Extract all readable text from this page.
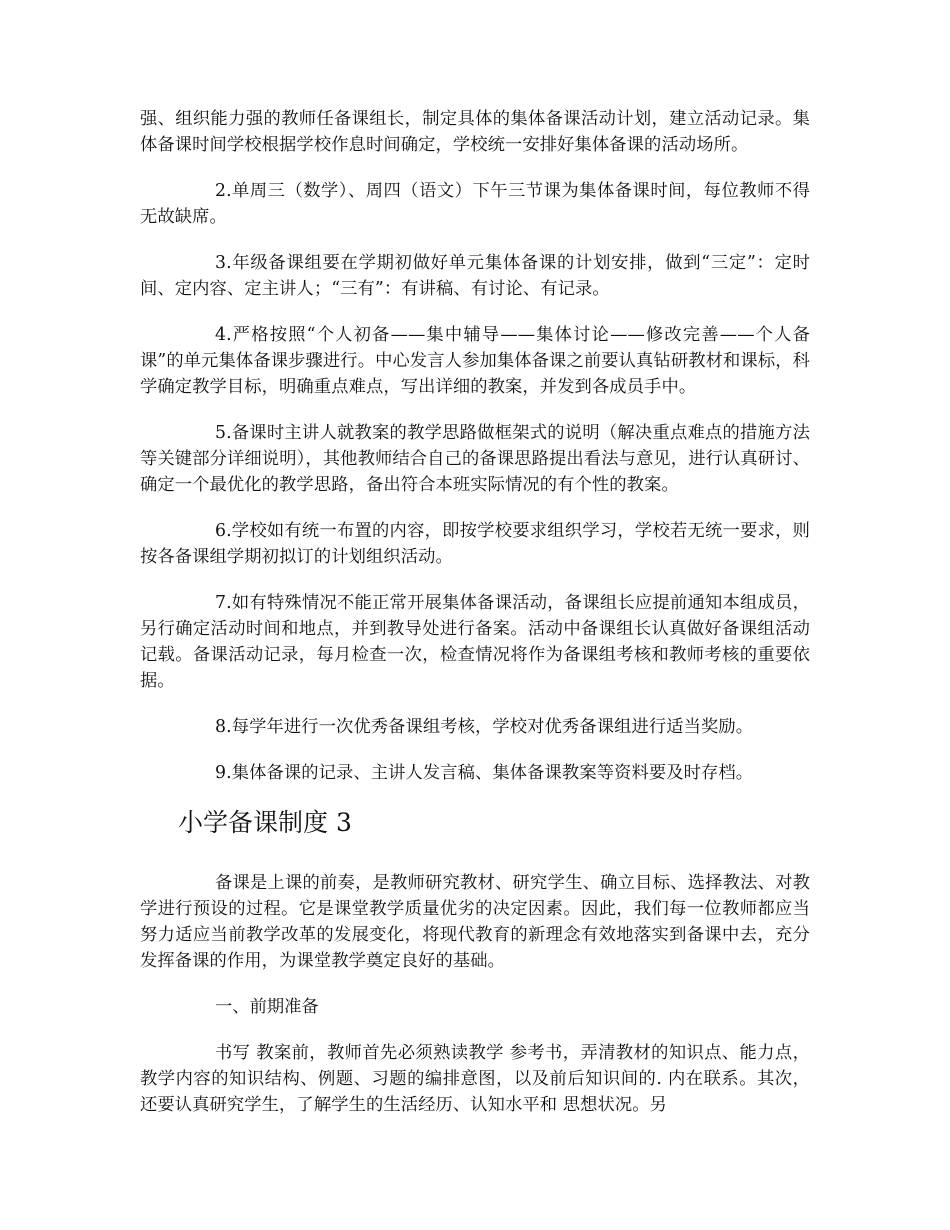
强、组织能力强的教师任备课组长，制定具体的集体备课活动计划，建立活动记录。集体备课时间学校根据学校作息时间确定，学校统一安排好集体备课的活动场所。

2.单周三（数学）、周四（语文）下午三节课为集体备课时间，每位教师不得无故缺席。

3.年级备课组要在学期初做好单元集体备课的计划安排，做到“三定”：定时间、定内容、定主讲人；“三有”：有讲稿、有讨论、有记录。

4.严格按照“个人初备——集中辅导——集体讨论——修改完善——个人备课”的单元集体备课步骤进行。中心发言人参加集体备课之前要认真钻研教材和课标，科学确定教学目标，明确重点难点，写出详细的教案，并发到各成员手中。

5.备课时主讲人就教案的教学思路做框架式的说明（解决重点难点的措施方法等关键部分详细说明），其他教师结合自己的备课思路提出看法与意见，进行认真研讨、确定一个最优化的教学思路，备出符合本班实际情况的有个性的教案。

6.学校如有统一布置的内容，即按学校要求组织学习，学校若无统一要求，则按各备课组学期初拟订的计划组织活动。

7.如有特殊情况不能正常开展集体备课活动，备课组长应提前通知本组成员，另行确定活动时间和地点，并到教导处进行备案。活动中备课组长认真做好备课组活动记载。备课活动记录，每月检查一次，检查情况将作为备课组考核和教师考核的重要依据。

8.每学年进行一次优秀备课组考核，学校对优秀备课组进行适当奖励。

9.集体备课的记录、主讲人发言稿、集体备课教案等资料要及时存档。

小学备课制度 3

备课是上课的前奏，是教师研究教材、研究学生、确立目标、选择教法、对教学进行预设的过程。它是课堂教学质量优劣的决定因素。因此，我们每一位教师都应当努力适应当前教学改革的发展变化，将现代教育的新理念有效地落实到备课中去，充分发挥备课的作用，为课堂教学奠定良好的基础。

一、前期准备

书写 教案前，教师首先必须熟读教学 参考书，弄清教材的知识点、能力点，教学内容的知识结构、例题、习题的编排意图，以及前后知识间的. 内在联系。其次，还要认真研究学生，了解学生的生活经历、认知水平和 思想状况。另
